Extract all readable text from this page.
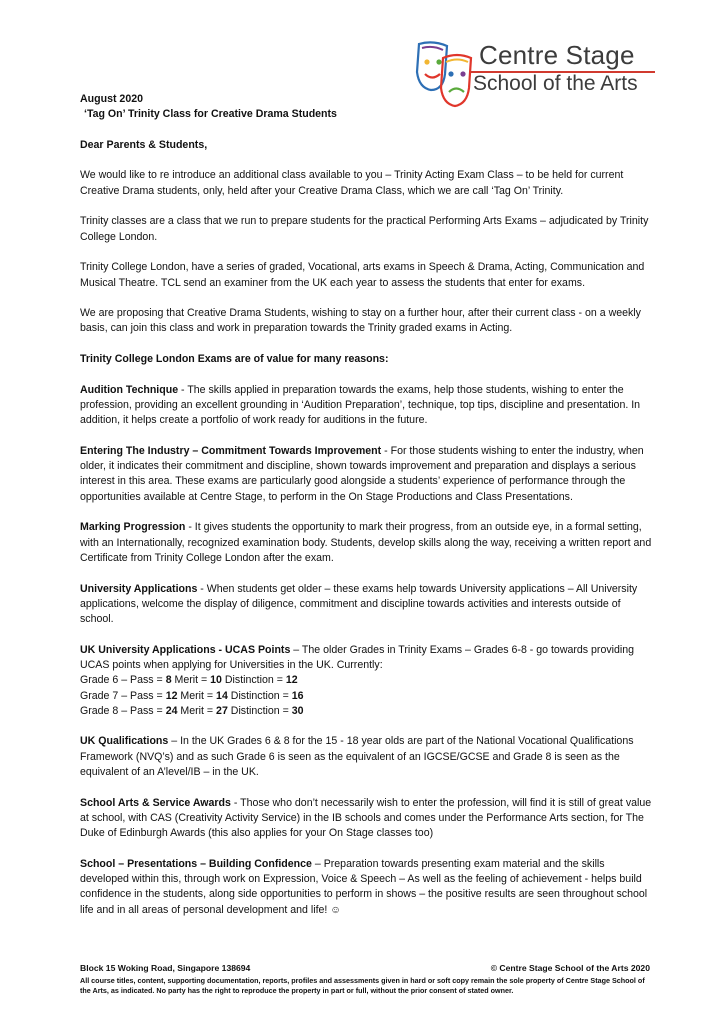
Centre Stage
School of the Arts

August 2020

‘Tag On’ Trinity Class for Creative Drama Students

Dear Parents & Students,

We would like to re introduce an additional class available to you – Trinity Acting Exam Class – to be held for current Creative Drama students, only, held after your Creative Drama Class, which we are call ‘Tag On’ Trinity.

Trinity classes are a class that we run to prepare students for the practical Performing Arts Exams – adjudicated by Trinity College London.

Trinity College London, have a series of graded, Vocational, arts exams in Speech & Drama, Acting, Communication and Musical Theatre. TCL send an examiner from the UK each year to assess the students that enter for exams.

We are proposing that Creative Drama Students, wishing to stay on a further hour, after their current class - on a weekly basis, can join this class and work in preparation towards the Trinity graded exams in Acting.

Trinity College London Exams are of value for many reasons:

Audition Technique - The skills applied in preparation towards the exams, help those students, wishing to enter the profession, providing an excellent grounding in ‘Audition Preparation’, technique, top tips, discipline and presentation. In addition, it helps create a portfolio of work ready for auditions in the future.

Entering The Industry – Commitment Towards Improvement - For those students wishing to enter the industry, when older, it indicates their commitment and discipline, shown towards improvement and preparation and displays a serious interest in this area. These exams are particularly good alongside a students’ experience of performance through the opportunities available at Centre Stage, to perform in the On Stage Productions and Class Presentations.

Marking Progression - It gives students the opportunity to mark their progress, from an outside eye, in a formal setting, with an Internationally, recognized examination body. Students, develop skills along the way, receiving a written report and Certificate from Trinity College London after the exam.

University Applications - When students get older – these exams help towards University applications – All University applications, welcome the display of diligence, commitment and discipline towards activities and interests outside of school.

UK University Applications - UCAS Points – The older Grades in Trinity Exams – Grades 6-8 - go towards providing UCAS points when applying for Universities in the UK. Currently:

Grade 6 – Pass = 8 Merit = 10 Distinction = 12

Grade 7 – Pass = 12 Merit = 14 Distinction = 16

Grade 8 – Pass = 24 Merit = 27 Distinction = 30

UK Qualifications – In the UK Grades 6 & 8 for the 15 - 18 year olds are part of the National Vocational Qualifications Framework (NVQ’s) and as such Grade 6 is seen as the equivalent of an IGCSE/GCSE and Grade 8 is seen as the equivalent of an A’level/IB – in the UK.

School Arts & Service Awards - Those who don’t necessarily wish to enter the profession, will find it is still of great value at school, with CAS (Creativity Activity Service) in the IB schools and comes under the Performance Arts section, for The Duke of Edinburgh Awards (this also applies for your On Stage classes too)

School – Presentations – Building Confidence – Preparation towards presenting exam material and the skills developed within this, through work on Expression, Voice & Speech – As well as the feeling of achievement - helps build confidence in the students, along side opportunities to perform in shows – the positive results are seen throughout school life and in all areas of personal development and life! ☺

Block 15 Woking Road, Singapore 138694	© Centre Stage School of the Arts 2020
All course titles, content, supporting documentation, reports, profiles and assessments given in hard or soft copy remain the sole property of Centre Stage School of the Arts, as indicated. No party has the right to reproduce the property in part or full, without the prior consent of stated owner.
